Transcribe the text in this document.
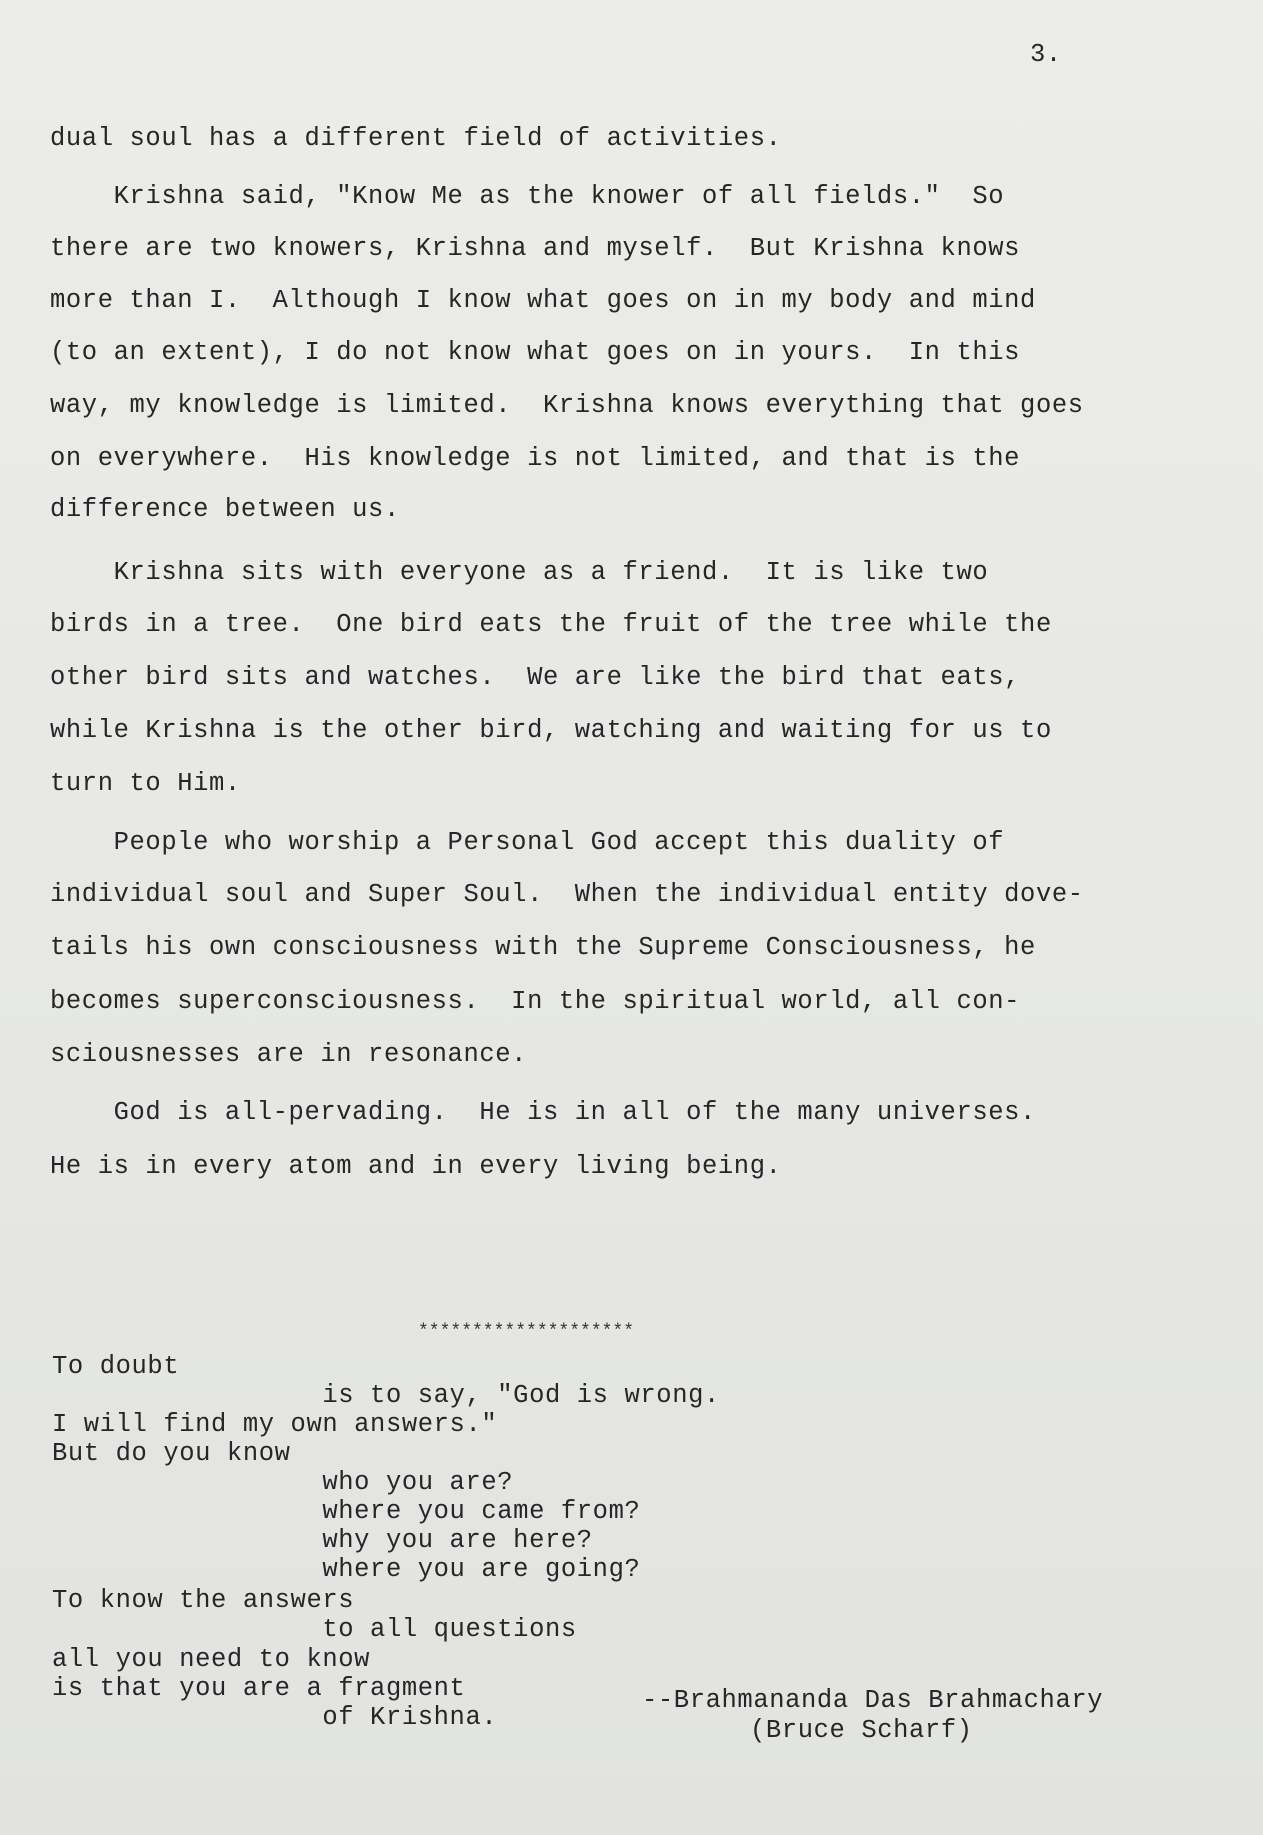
3.
dual soul has a different field of activities.
Krishna said, "Know Me as the knower of all fields."  So
there are two knowers, Krishna and myself.  But Krishna knows
more than I.  Although I know what goes on in my body and mind
(to an extent), I do not know what goes on in yours.  In this
way, my knowledge is limited.  Krishna knows everything that goes
on everywhere.  His knowledge is not limited, and that is the
difference between us.
Krishna sits with everyone as a friend.  It is like two
birds in a tree.  One bird eats the fruit of the tree while the
other bird sits and watches.  We are like the bird that eats,
while Krishna is the other bird, watching and waiting for us to
turn to Him.
People who worship a Personal God accept this duality of
individual soul and Super Soul.  When the individual entity dove-
tails his own consciousness with the Supreme Consciousness, he
becomes superconsciousness.  In the spiritual world, all con-
sciousnesses are in resonance.
God is all-pervading.  He is in all of the many universes.
He is in every atom and in every living being.
********************
To doubt
is to say, "God is wrong.
I will find my own answers."
But do you know
who you are?
where you came from?
why you are here?
where you are going?
To know the answers
to all questions
all you need to know
is that you are a fragment
of Krishna.
--Brahmananda Das Brahmachary
(Bruce Scharf)
